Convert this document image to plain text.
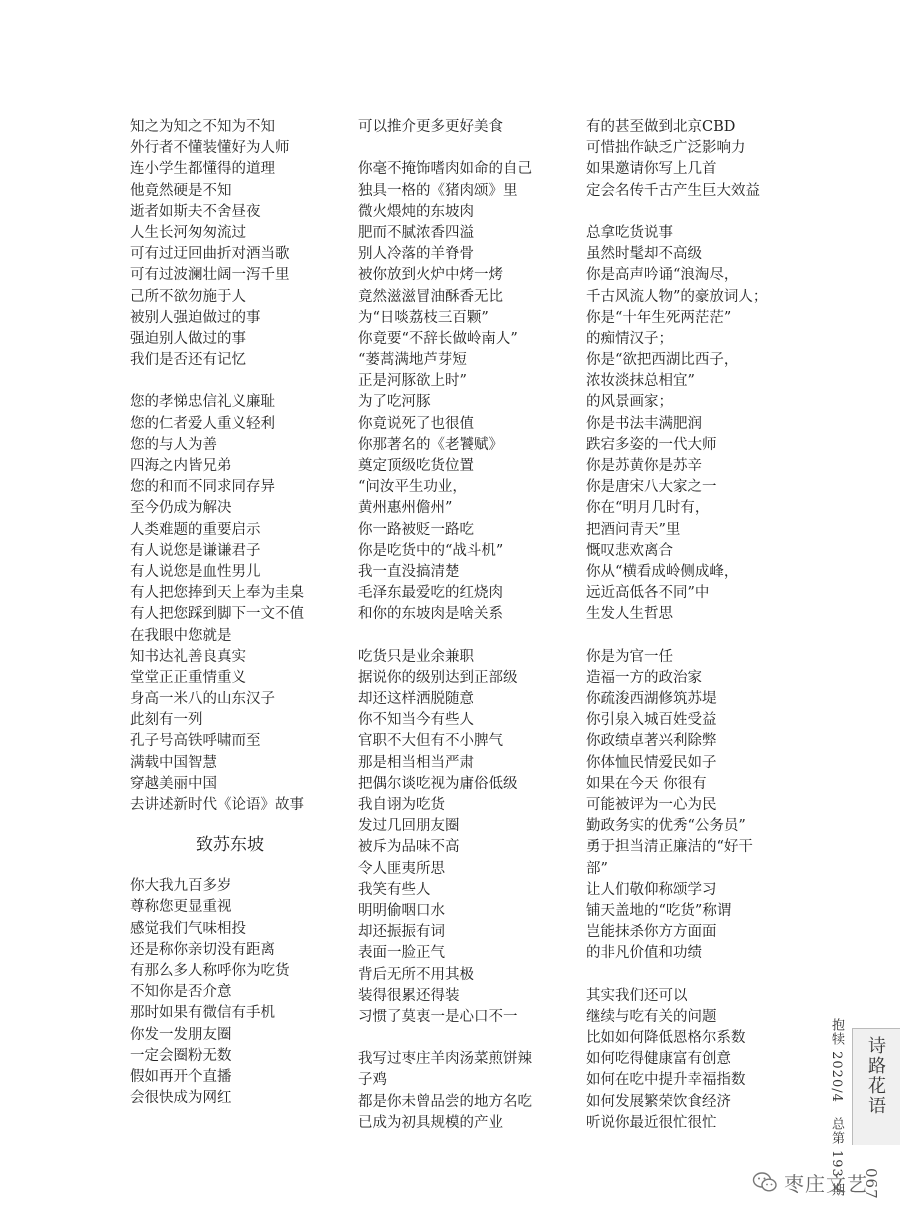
知之为知之不知为不知
外行者不懂装懂好为人师
连小学生都懂得的道理
他竟然硬是不知
逝者如斯夫不舍昼夜
人生长河匆匆流过
可有过迂回曲折对酒当歌
可有过波澜壮阔一泻千里
己所不欲勿施于人
被别人强迫做过的事
强迫别人做过的事
我们是否还有记忆
您的孝悌忠信礼义廉耻
您的仁者爱人重义轻利
您的与人为善
四海之内皆兄弟
您的和而不同求同存异
至今仍成为解决
人类难题的重要启示
有人说您是谦谦君子
有人说您是血性男儿
有人把您捧到天上奉为圭臬
有人把您踩到脚下一文不值
在我眼中您就是
知书达礼善良真实
堂堂正正重情重义
身高一米八的山东汉子
此刻有一列
孔子号高铁呼啸而至
满载中国智慧
穿越美丽中国
去讲述新时代《论语》故事
致苏东坡
你大我九百多岁
尊称您更显重视
感觉我们气味相投
还是称你亲切没有距离
有那么多人称呼你为吃货
不知你是否介意
那时如果有微信有手机
你发一发朋友圈
一定会圈粉无数
假如再开个直播
会很快成为网红
可以推介更多更好美食
你毫不掩饰嗜肉如命的自己
独具一格的《猪肉颂》里
微火煨炖的东坡肉
肥而不腻浓香四溢
别人冷落的羊脊骨
被你放到火炉中烤一烤
竟然滋滋冒油酥香无比
为“日啖荔枝三百颗”
你竟要“不辞长做岭南人”
“蒌蒿满地芦芽短
正是河豚欲上时”
为了吃河豚
你竟说死了也很值
你那著名的《老饕赋》
奠定顶级吃货位置
“问汝平生功业，
黄州惠州儋州”
你一路被贬一路吃
你是吃货中的“战斗机”
我一直没搞清楚
毛泽东最爱吃的红烧肉
和你的东坡肉是啥关系
吃货只是业余兼职
据说你的级别达到正部级
却还这样洒脱随意
你不知当今有些人
官职不大但有不小脾气
那是相当相当严肃
把偶尔谈吃视为庸俗低级
我自诩为吃货
发过几回朋友圈
被斥为品味不高
令人匪夷所思
我笑有些人
明明偷咽口水
却还振振有词
表面一脸正气
背后无所不用其极
装得很累还得装
习惯了莫衷一是心口不一
我写过枣庄羊肉汤菜煎饼辣
子鸡
都是你未曾品尝的地方名吃
已成为初具规模的产业
有的甚至做到北京CBD
可惜拙作缺乏广泛影响力
如果邀请你写上几首
定会名传千古产生巨大效益
总拿吃货说事
虽然时髦却不高级
你是高声吟诵“浪淘尽，
千古风流人物”的豪放词人；
你是“十年生死两茫茫”
的痴情汉子；
你是“欲把西湖比西子，
浓妆淡抹总相宜”
的风景画家；
你是书法丰满肥润
跌宕多姿的一代大师
你是苏黄你是苏辛
你是唐宋八大家之一
你在“明月几时有，
把酒问青天”里
慨叹悲欢离合
你从“横看成岭侧成峰，
远近高低各不同”中
生发人生哲思
你是为官一任
造福一方的政治家
你疏浚西湖修筑苏堤
你引泉入城百姓受益
你政绩卓著兴利除弊
你体恤民情爱民如子
如果在今天 你很有
可能被评为一心为民
勤政务实的优秀“公务员”
勇于担当清正廉洁的“好干
部”
让人们敬仰称颂学习
铺天盖地的“吃货”称谓
岂能抹杀你方方面面
的非凡价值和功绩
其实我们还可以
继续与吃有关的问题
比如如何降低恩格尔系数
如何吃得健康富有创意
如何在吃中提升幸福指数
如何发展繁荣饮食经济
听说你最近很忙很忙	抱犊 2020/4　总第 193 期 诗路花语
067
枣庄文艺
